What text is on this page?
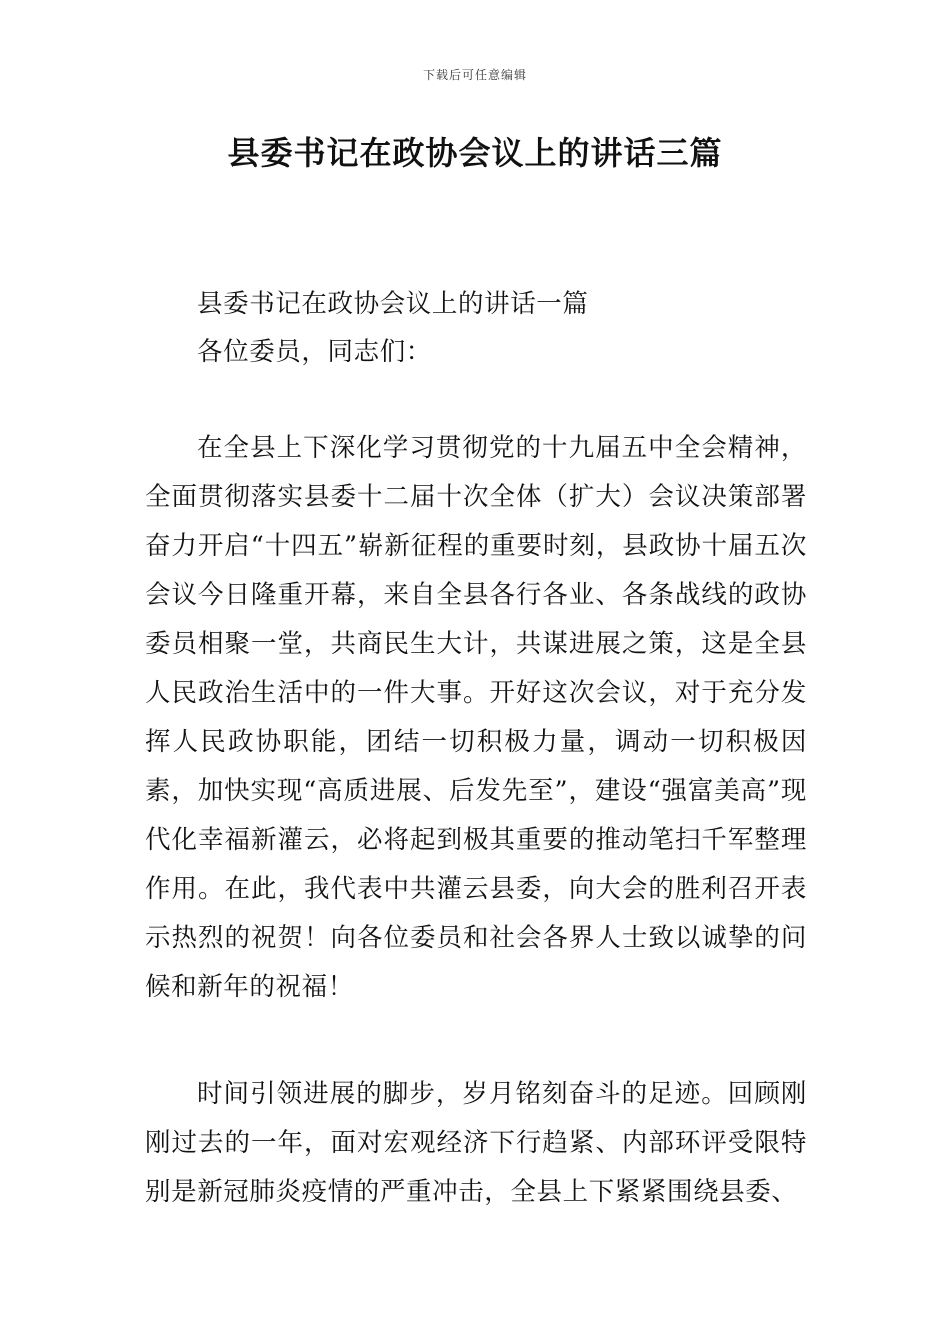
下载后可任意编辑
县委书记在政协会议上的讲话三篇

县委书记在政协会议上的讲话一篇

各位委员，同志们：

在全县上下深化学习贯彻党的十九届五中全会精神，全面贯彻落实县委十二届十次全体（扩大）会议决策部署奋力开启“十四五”崭新征程的重要时刻，县政协十届五次会议今日隆重开幕，来自全县各行各业、各条战线的政协委员相聚一堂，共商民生大计，共谋进展之策，这是全县人民政治生活中的一件大事。开好这次会议，对于充分发挥人民政协职能，团结一切积极力量，调动一切积极因素，加快实现“高质进展、后发先至”，建设“强富美高”现代化幸福新灌云，必将起到极其重要的推动笔扫千军整理作用。在此，我代表中共灌云县委，向大会的胜利召开表示热烈的祝贺！向各位委员和社会各界人士致以诚挚的问候和新年的祝福！

时间引领进展的脚步，岁月铭刻奋斗的足迹。回顾刚刚过去的一年，面对宏观经济下行趋紧、内部环评受限特别是新冠肺炎疫情的严重冲击，全县上下紧紧围绕县委、
